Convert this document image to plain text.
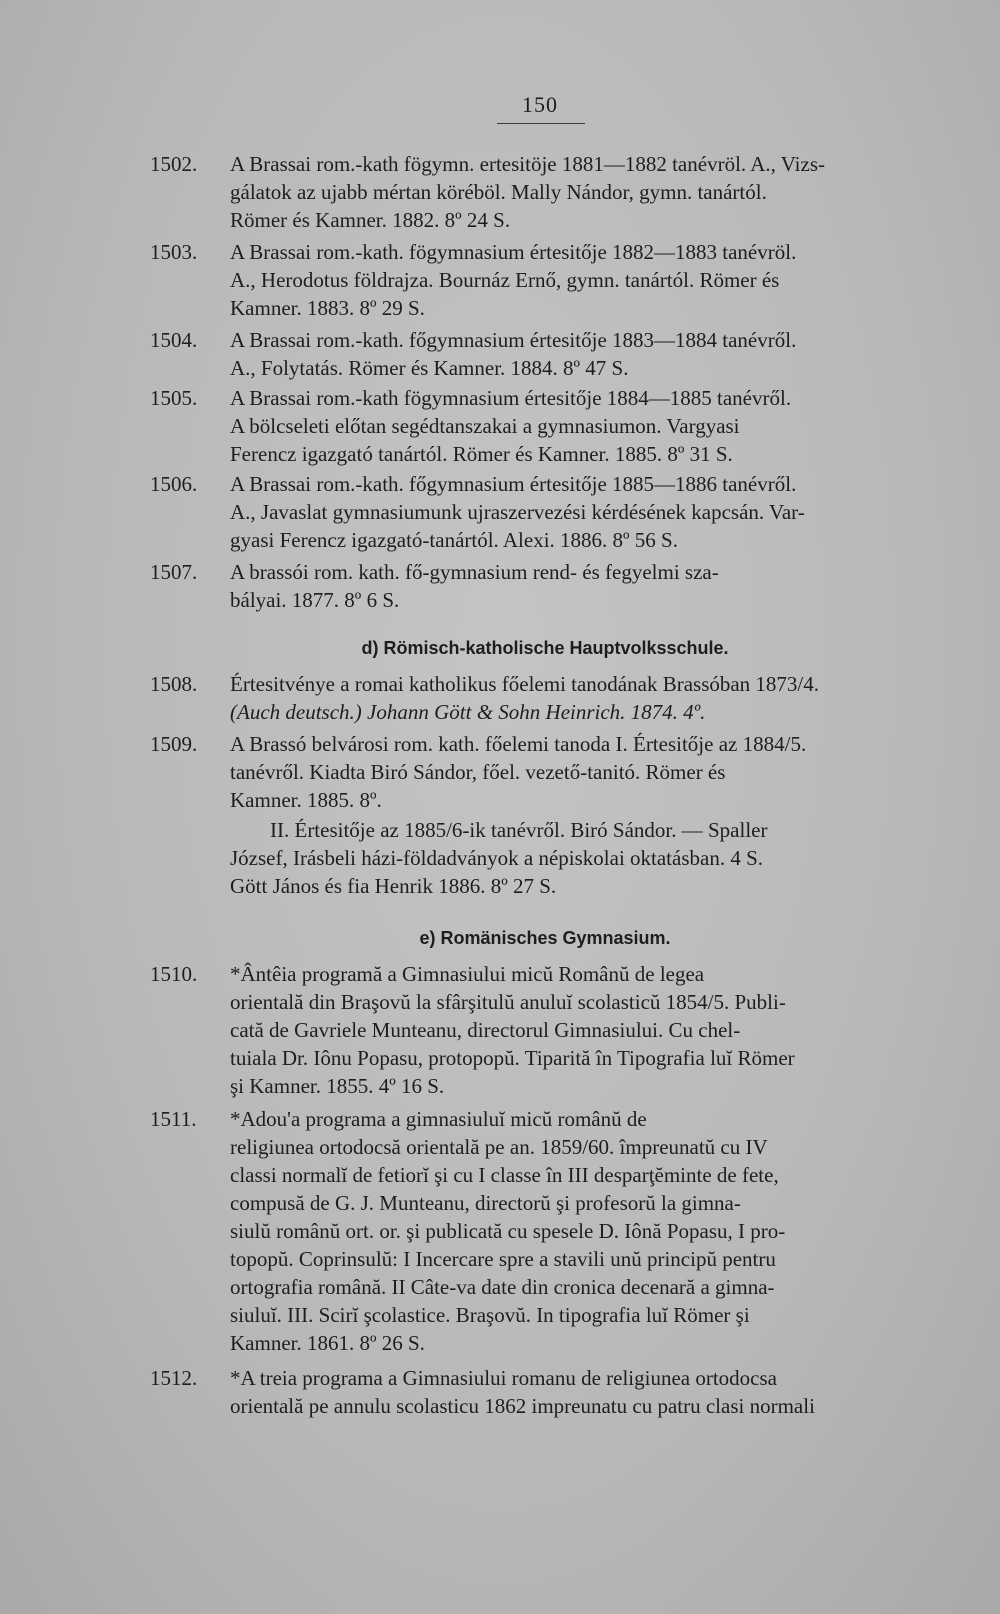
150
1502.	A Brassai rom.-kath fögymn. ertesitöje 1881—1882 tanévröl. A., Vizs-
gálatok az ujabb mértan köréböl. Mally Nándor, gymn. tanártól.
Römer és Kamner. 1882. 8º 24 S.
1503.	A Brassai rom.-kath. fögymnasium értesitője 1882—1883 tanévröl.
A., Herodotus földrajza. Bournáz Ernő, gymn. tanártól. Römer és
Kamner. 1883. 8º 29 S.
1504.	A Brassai rom.-kath. főgymnasium értesitője 1883—1884 tanévről.
A., Folytatás. Römer és Kamner. 1884. 8º 47 S.
1505.	A Brassai rom.-kath fögymnasium értesitője 1884—1885 tanévről.
A bölcseleti előtan segédtanszakai a gymnasiumon. Vargyasi
Ferencz igazgató tanártól. Römer és Kamner. 1885. 8º 31 S.
1506.	A Brassai rom.-kath. főgymnasium értesitője 1885—1886 tanévről.
A., Javaslat gymnasiumunk ujraszervezési kérdésének kapcsán. Var-
gyasi Ferencz igazgató-tanártól. Alexi. 1886. 8º 56 S.
1507.	A brassói rom. kath. fő-gymnasium rend- és fegyelmi sza-
bályai. 1877. 8º 6 S.
d) Römisch-katholische Hauptvolksschule.
1508.	Értesitvénye a romai katholikus főelemi tanodának Brassóban 1873/4.
(Auch deutsch.) Johann Gött & Sohn Heinrich. 1874. 4º.
1509.	A Brassó belvárosi rom. kath. főelemi tanoda I. Értesitője az 1884/5.
tanévről. Kiadta Biró Sándor, főel. vezető-tanitó. Römer és
Kamner. 1885. 8º.
II. Értesitője az 1885/6-ik tanévről. Biró Sándor. — Spaller
József, Irásbeli házi-földadványok a népiskolai oktatásban. 4 S.
Gött János és fia Henrik 1886. 8º 27 S.
e) Romänisches Gymnasium.
1510.	*Ântêia programă a Gimnasiului micŭ Românŭ de legea
orientală din Braşovŭ la sfârşitulŭ anuluĭ scolasticŭ 1854/5. Publi-
cată de Gavriele Munteanu, directorul Gimnasiului. Cu chel-
tuiala Dr. Iônu Popasu, protopopŭ. Tiparită în Tipografia luĭ Römer
şi Kamner. 1855. 4º 16 S.
1511.	*Adou'a programa a gimnasiuluĭ micŭ românŭ de
religiunea ortodocsă orientală pe an. 1859/60. împreunatŭ cu IV
classi normalĭ de fetiorĭ şi cu I classe în III desparţĕminte de fete,
compusă de G. J. Munteanu, directorŭ şi profesorŭ la gimna-
siulŭ românŭ ort. or. şi publicată cu spesele D. Iônă Popasu, I pro-
topopŭ. Coprinsulŭ: I Incercare spre a stavili unŭ principŭ pentru
ortografia română. II Câte-va date din cronica decenară a gimna-
siuluĭ. III. Scirĭ şcolastice. Braşovŭ. In tipografia luĭ Römer şi
Kamner. 1861. 8º 26 S.
1512.	*A treia programa a Gimnasiului romanu de religiunea ortodocsa
orientală pe annulu scolasticu 1862 impreunatu cu patru clasi normali
